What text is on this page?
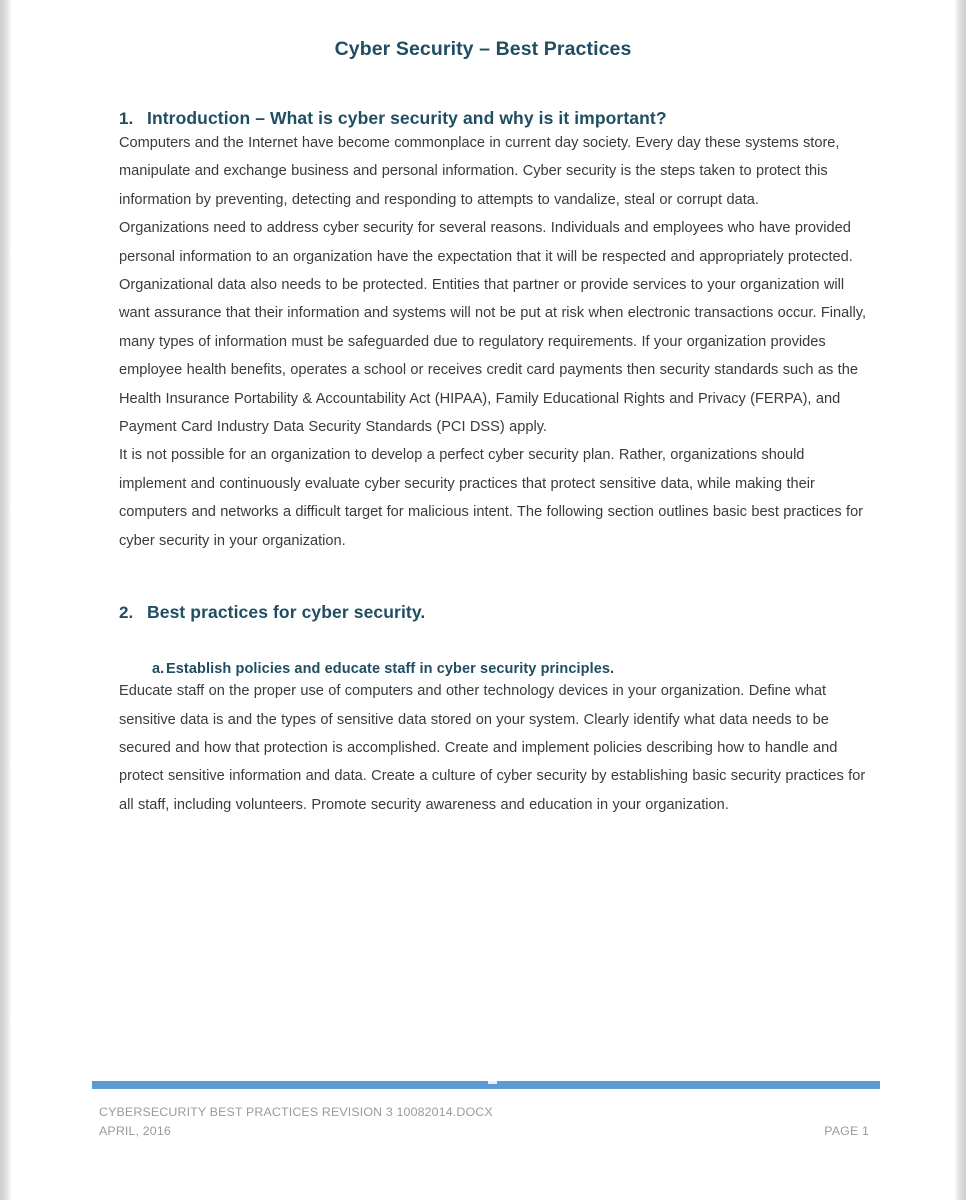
Cyber Security – Best Practices
1. Introduction – What is cyber security and why is it important?

Computers and the Internet have become commonplace in current day society. Every day these systems store, manipulate and exchange business and personal information. Cyber security is the steps taken to protect this information by preventing, detecting and responding to attempts to vandalize, steal or corrupt data.

Organizations need to address cyber security for several reasons. Individuals and employees who have provided personal information to an organization have the expectation that it will be respected and appropriately protected. Organizational data also needs to be protected. Entities that partner or provide services to your organization will want assurance that their information and systems will not be put at risk when electronic transactions occur. Finally, many types of information must be safeguarded due to regulatory requirements. If your organization provides employee health benefits, operates a school or receives credit card payments then security standards such as the Health Insurance Portability & Accountability Act (HIPAA), Family Educational Rights and Privacy (FERPA), and Payment Card Industry Data Security Standards (PCI DSS) apply.

It is not possible for an organization to develop a perfect cyber security plan. Rather, organizations should implement and continuously evaluate cyber security practices that protect sensitive data, while making their computers and networks a difficult target for malicious intent. The following section outlines basic best practices for cyber security in your organization.

2. Best practices for cyber security.
a. Establish policies and educate staff in cyber security principles.

Educate staff on the proper use of computers and other technology devices in your organization. Define what sensitive data is and the types of sensitive data stored on your system. Clearly identify what data needs to be secured and how that protection is accomplished. Create and implement policies describing how to handle and protect sensitive information and data. Create a culture of cyber security by establishing basic security practices for all staff, including volunteers. Promote security awareness and education in your organization.

CYBERSECURITY BEST PRACTICES REVISION 3 10082014.DOCX
APRIL, 2016	PAGE 1
